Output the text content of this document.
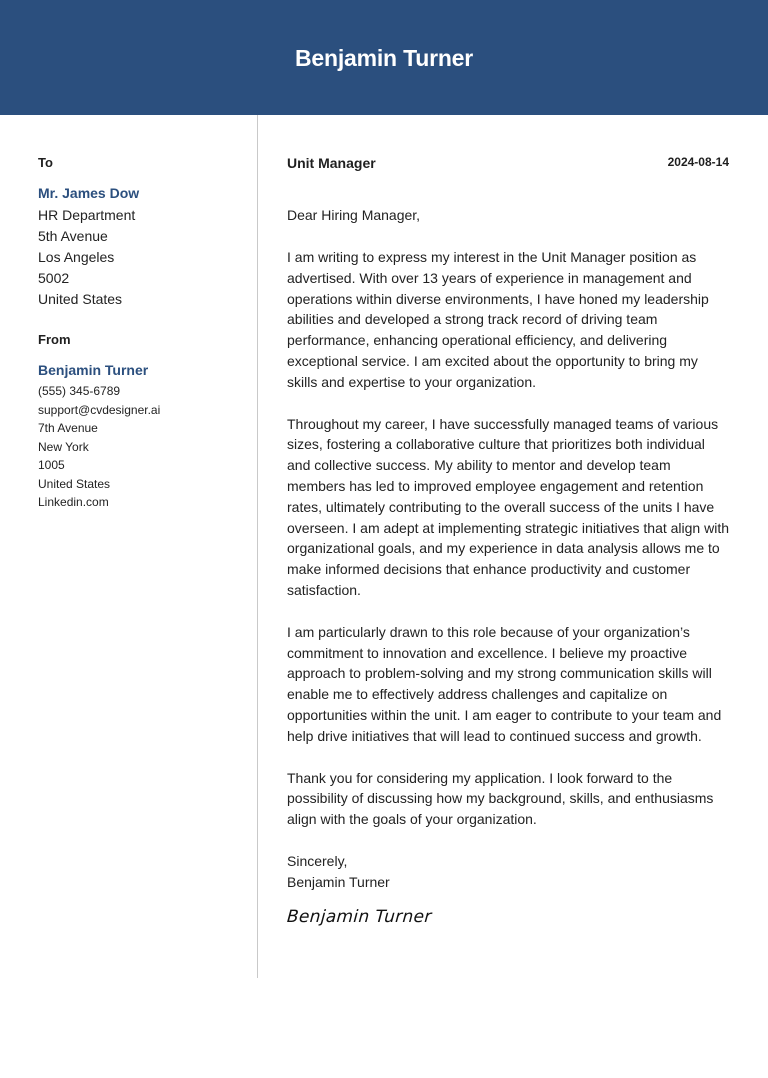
Benjamin Turner
To
Mr. James Dow
HR Department
5th Avenue
Los Angeles
5002
United States
From
Benjamin Turner
(555) 345-6789
support@cvdesigner.ai
7th Avenue
New York
1005
United States
Linkedin.com
Unit Manager	2024-08-14
Dear Hiring Manager,

I am writing to express my interest in the Unit Manager position as advertised. With over 13 years of experience in management and operations within diverse environments, I have honed my leadership abilities and developed a strong track record of driving team performance, enhancing operational efficiency, and delivering exceptional service. I am excited about the opportunity to bring my skills and expertise to your organization.

Throughout my career, I have successfully managed teams of various sizes, fostering a collaborative culture that prioritizes both individual and collective success. My ability to mentor and develop team members has led to improved employee engagement and retention rates, ultimately contributing to the overall success of the units I have overseen. I am adept at implementing strategic initiatives that align with organizational goals, and my experience in data analysis allows me to make informed decisions that enhance productivity and customer satisfaction.

I am particularly drawn to this role because of your organization’s commitment to innovation and excellence. I believe my proactive approach to problem-solving and my strong communication skills will enable me to effectively address challenges and capitalize on opportunities within the unit. I am eager to contribute to your team and help drive initiatives that will lead to continued success and growth.

Thank you for considering my application. I look forward to the possibility of discussing how my background, skills, and enthusiasms align with the goals of your organization.

Sincerely,
Benjamin Turner
Benjamin Turner
